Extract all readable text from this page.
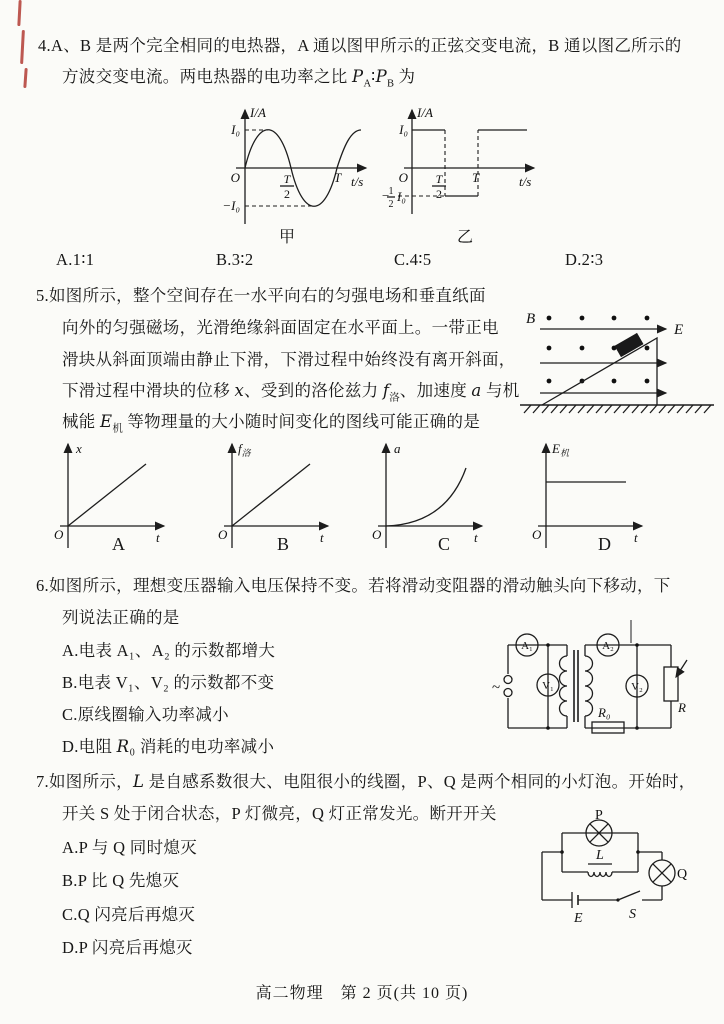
4.A、B 是两个完全相同的电热器，A 通以图甲所示的正弦交变电流，B 通以图乙所示的
方波交变电流。两电热器的电功率之比 $P_A∶P_B$ 为
I/A
I₀
−I₀
O	T
2
T t/s
甲
I/A
I₀
O T
2
T	t/s
− 1
2
I₀
乙
A.1∶1	B.3∶2	C.4∶5	D.2∶3
5.如图所示，整个空间存在一水平向右的匀强电场和垂直纸面
向外的匀强磁场，光滑绝缘斜面固定在水平面上。一带正电
滑块从斜面顶端由静止下滑，下滑过程中始终没有离开斜面，
下滑过程中滑块的位移 x、受到的洛伦兹力 $f_洛$、加速度 a 与机
械能 $E_机$ 等物理量的大小随时间变化的图线可能正确的是
B
E
x
O	t
$f_洛$
O	t
a
O	t
$E_机$
O	t
A	B	C	D
6.如图所示，理想变压器输入电压保持不变。若将滑动变阻器的滑动触头向下移动，下
列说法正确的是
A.电表 A₁、A₂ 的示数都增大
B.电表 V₁、V₂ 的示数都不变
C.原线圈输入功率减小
D.电阻 R₀ 消耗的电功率减小
~
A₁
V₁
A₂
V₂
R₀	R
7.如图所示，L 是自感系数很大、电阻很小的线圈，P、Q 是两个相同的小灯泡。开始时，
开关 S 处于闭合状态，P 灯微亮，Q 灯正常发光。断开开关
A.P 与 Q 同时熄灭
B.P 比 Q 先熄灭
C.Q 闪亮后再熄灭
D.P 闪亮后再熄灭
P
L
Q
E	S
高二物理　第 2 页(共 10 页)
